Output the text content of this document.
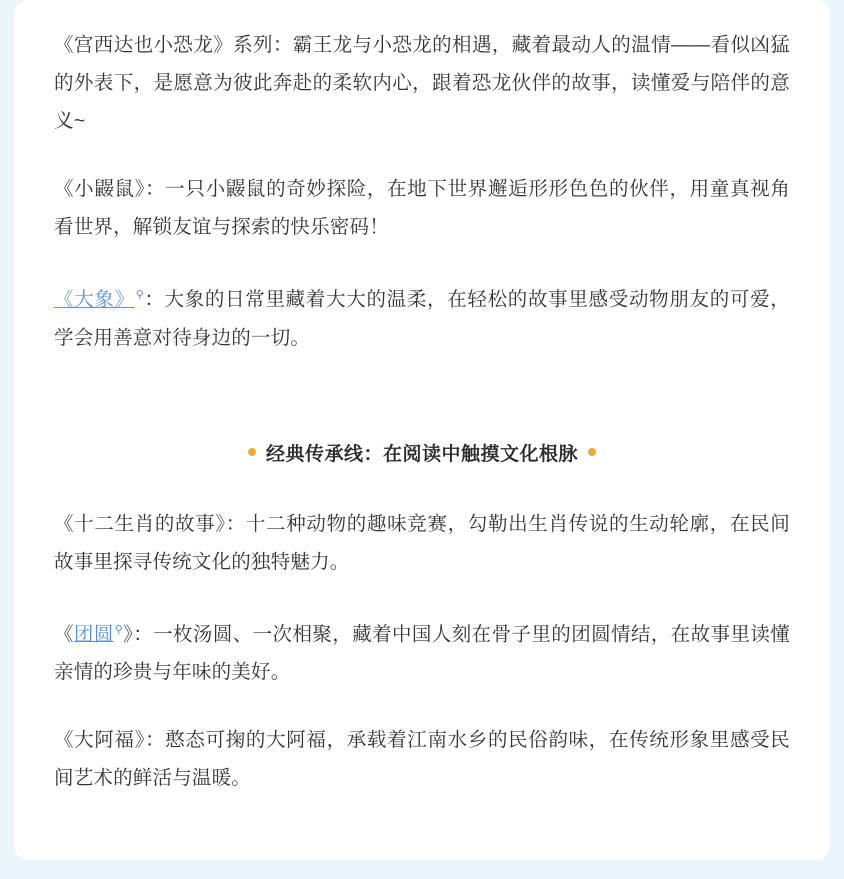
《宫西达也小恐龙》系列：霸王龙与小恐龙的相遇，藏着最动人的温情——看似凶猛的外表下，是愿意为彼此奔赴的柔软内心，跟着恐龙伙伴的故事，读懂爱与陪伴的意义~

《小鼹鼠》：一只小鼹鼠的奇妙探险，在地下世界邂逅形形色色的伙伴，用童真视角看世界，解锁友谊与探索的快乐密码！

《大象》⚲：大象的日常里藏着大大的温柔，在轻松的故事里感受动物朋友的可爱，学会用善意对待身边的一切。

经典传承线：在阅读中触摸文化根脉

《十二生肖的故事》：十二种动物的趣味竞赛，勾勒出生肖传说的生动轮廓，在民间故事里探寻传统文化的独特魅力。

《团圆⚲》：一枚汤圆、一次相聚，藏着中国人刻在骨子里的团圆情结，在故事里读懂亲情的珍贵与年味的美好。

《大阿福》：憨态可掬的大阿福，承载着江南水乡的民俗韵味，在传统形象里感受民间艺术的鲜活与温暖。
